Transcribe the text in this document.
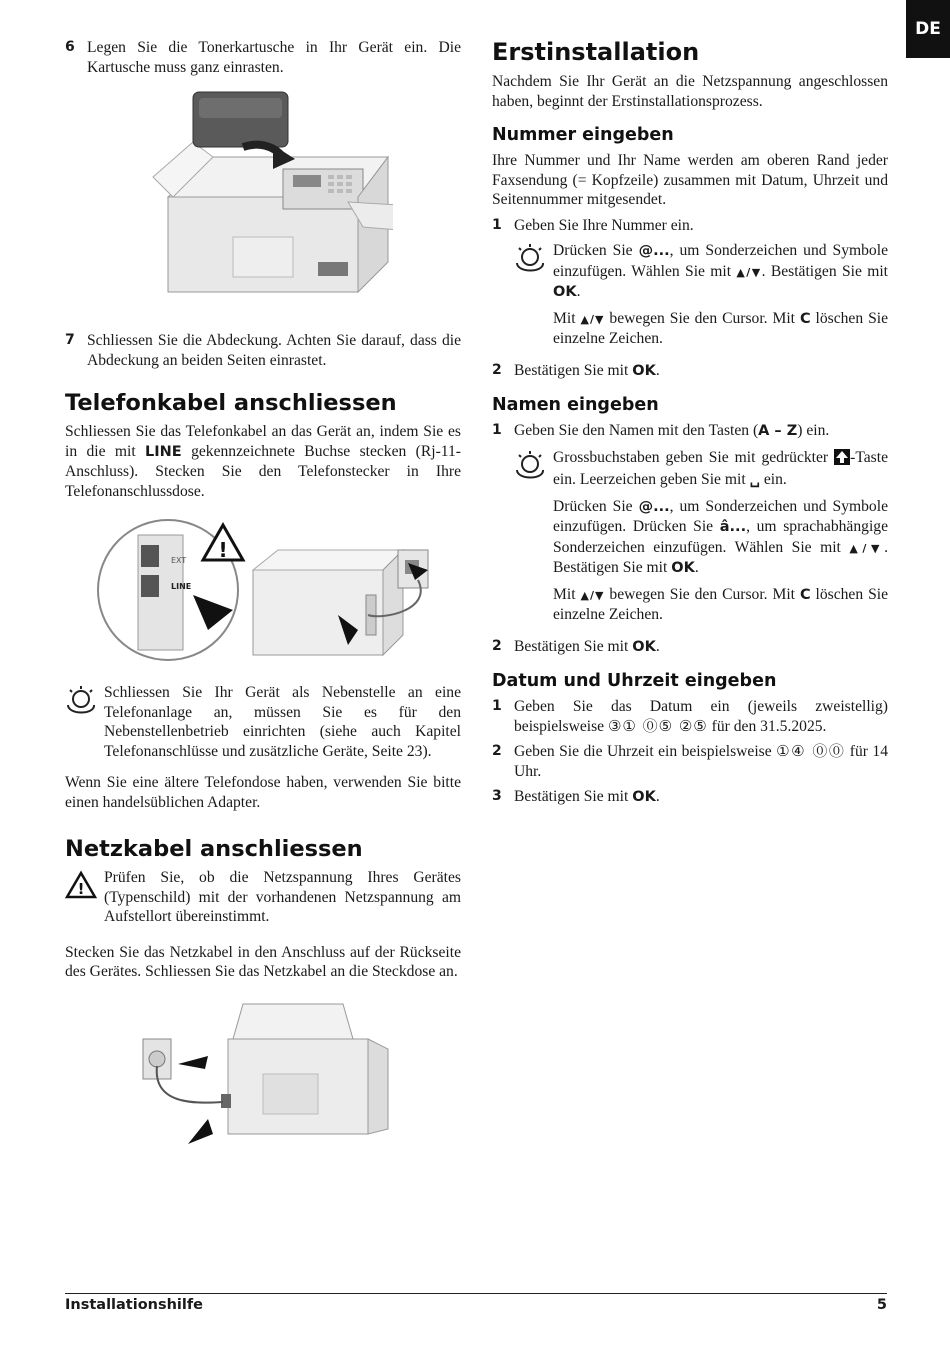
DE
6 Legen Sie die Tonerkartusche in Ihr Gerät ein. Die Kartusche muss ganz einrasten.

7 Schliessen Sie die Abdeckung. Achten Sie darauf, dass die Abdeckung an beiden Seiten einrastet.

Telefonkabel anschliessen

Schliessen Sie das Telefonkabel an das Gerät an, indem Sie es in die mit LINE gekennzeichnete Buchse stecken (Rj-11-Anschluss). Stecken Sie den Telefonstecker in Ihre Telefonanschlussdose.

EXT
LINE
!

Schliessen Sie Ihr Gerät als Nebenstelle an eine Telefonanlage an, müssen Sie es für den Nebenstellenbetrieb einrichten (siehe auch Kapitel Telefonanschlüsse und zusätzliche Geräte, Seite 23).

Wenn Sie eine ältere Telefondose haben, verwenden Sie bitte einen handelsüblichen Adapter.

Netzkabel anschliessen
!

Prüfen Sie, ob die Netzspannung Ihres Gerätes (Typenschild) mit der vorhandenen Netzspannung am Aufstellort übereinstimmt.

Stecken Sie das Netzkabel in den Anschluss auf der Rückseite des Gerätes. Schliessen Sie das Netzkabel an die Steckdose an.

Erstinstallation

Nachdem Sie Ihr Gerät an die Netzspannung angeschlossen haben, beginnt der Erstinstallationsprozess.

Nummer eingeben

Ihre Nummer und Ihr Name werden am oberen Rand jeder Faxsendung (= Kopfzeile) zusammen mit Datum, Uhrzeit und Seitennummer mitgesendet.

1 Geben Sie Ihre Nummer ein.

Drücken Sie @..., um Sonderzeichen und Symbole einzufügen. Wählen Sie mit ▲/▼. Bestätigen Sie mit OK.

Mit ▲/▼ bewegen Sie den Cursor. Mit C löschen Sie einzelne Zeichen.

2 Bestätigen Sie mit OK.

Namen eingeben
1 Geben Sie den Namen mit den Tasten (A – Z) ein.

Grossbuchstaben geben Sie mit gedrückter -Taste ein. Leerzeichen geben Sie mit ␣ ein.

Drücken Sie @..., um Sonderzeichen und Symbole einzufügen. Drücken Sie â..., um sprachabhängige Sonderzeichen einzufügen. Wählen Sie mit ▲/▼. Bestätigen Sie mit OK.

Mit ▲/▼ bewegen Sie den Cursor. Mit C löschen Sie einzelne Zeichen.

2 Bestätigen Sie mit OK.

Datum und Uhrzeit eingeben
1 Geben Sie das Datum ein (jeweils zweistellig) beispielsweise ③① ⓪⑤ ②⑤ für den 31.5.2025.

2 Geben Sie die Uhrzeit ein beispielsweise ①④ ⓪⓪ für 14 Uhr.

3 Bestätigen Sie mit OK.

Installationshilfe	5
